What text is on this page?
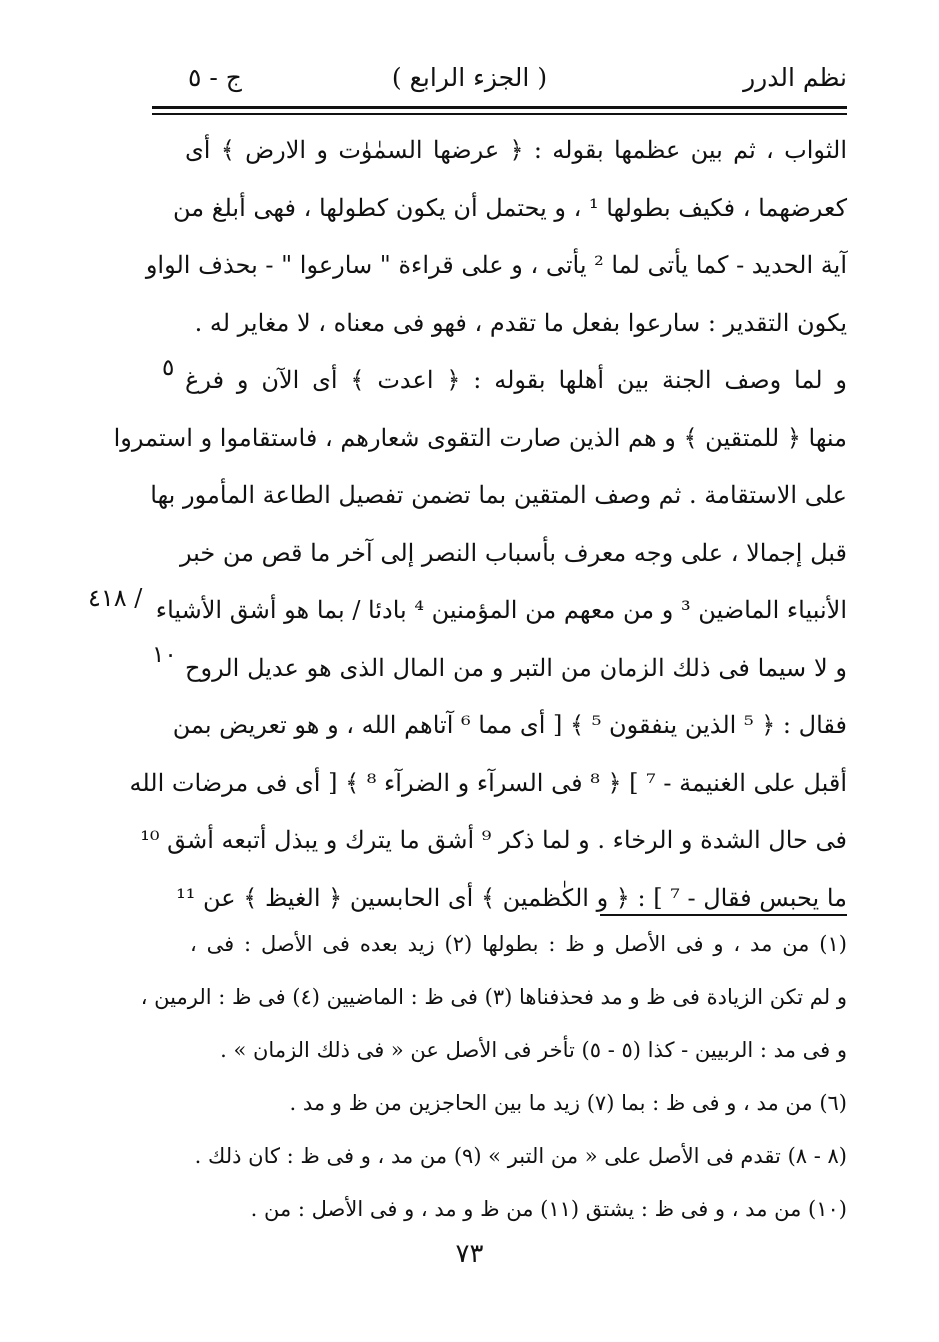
نظم الدرر
( الجزء الرابع )
ج - ٥
الثواب ، ثم بين عظمها بقوله : ﴿ عرضها السمٰوٰت و الارض ﴾ أى
كعرضهما ، فكيف بطولها ¹ ، و يحتمل أن يكون كطولها ، فهى أبلغ من
آية الحديد - كما يأتى لما ² يأتى ، و على قراءة " سارعوا " - بحذف الواو
يكون التقدير : سارعوا بفعل ما تقدم ، فهو فى معناه ، لا مغاير له .
و لما وصف الجنة بين أهلها بقوله : ﴿ اعدت ﴾ أى الآن و فرغ
منها ﴿ للمتقين ﴾ و هم الذين صارت التقوى شعارهم ، فاستقاموا و استمروا
على الاستقامة . ثم وصف المتقين بما تضمن تفصيل الطاعة المأمور بها
قبل إجمالا ، على وجه معرف بأسباب النصر إلى آخر ما قص من خبر
الأنبياء الماضين ³ و من معهم من المؤمنين ⁴ بادئا / بما هو أشق الأشياء
و لا سيما فى ذلك الزمان من التبر و من المال الذى هو عديل الروح
فقال : ﴿ ⁵ الذين ينفقون ⁵ ﴾ [ أى مما ⁶ آتاهم الله ، و هو تعريض بمن
أقبل على الغنيمة - ⁷ ] ﴿ ⁸ فى السرآء و الضرآء ⁸ ﴾ [ أى فى مرضات الله
فى حال الشدة و الرخاء . و لما ذكر ⁹ أشق ما يترك و يبذل أتبعه أشق ¹⁰
ما يحبس فقال - ⁷ ] : ﴿ و الكٰظمين ﴾ أى الحابسين ﴿ الغيظ ﴾ عن ¹¹
٥
١٠
٤١٨ /
(١) من مد ، و فى الأصل و ظ : بطولها (٢) زيد بعده فى الأصل : فى ،
و لم تكن الزيادة فى ظ و مد فحذفناها (٣) فى ظ : الماضيين (٤) فى ظ : الرمين ،
و فى مد : الربيين - كذا (٥ - ٥) تأخر فى الأصل عن « فى ذلك الزمان » .
(٦) من مد ، و فى ظ : بما (٧) زيد ما بين الحاجزين من ظ و مد .
(٨ - ٨) تقدم فى الأصل على « من التبر » (٩) من مد ، و فى ظ : كان ذلك .
(١٠) من مد ، و فى ظ : يشتق (١١) من ظ و مد ، و فى الأصل : من .
٧٣
